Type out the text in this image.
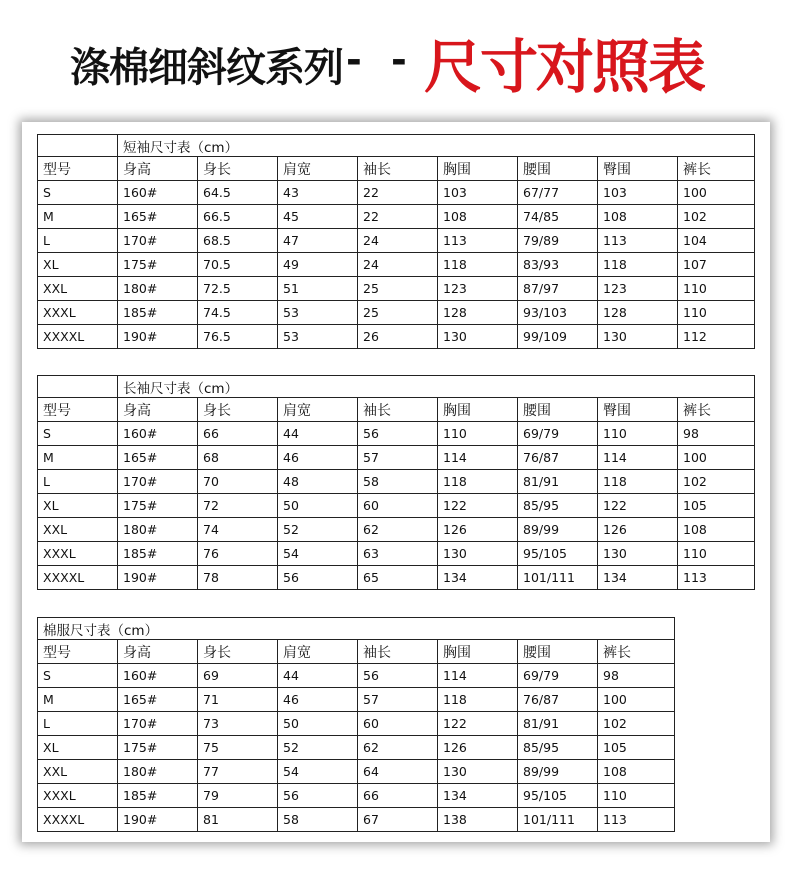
涤棉细斜纹系列 - - 尺寸对照表
	短袖尺寸表（cm）							
型号	身高	身长	肩宽	袖长	胸围	腰围	臀围	裤长
S	160#	64.5	43	22	103	67/77	103	100
M	165#	66.5	45	22	108	74/85	108	102
L	170#	68.5	47	24	113	79/89	113	104
XL	175#	70.5	49	24	118	83/93	118	107
XXL	180#	72.5	51	25	123	87/97	123	110
XXXL	185#	74.5	53	25	128	93/103	128	110
XXXXL	190#	76.5	53	26	130	99/109	130	112
	长袖尺寸表（cm）							
型号	身高	身长	肩宽	袖长	胸围	腰围	臀围	裤长
S	160#	66	44	56	110	69/79	110	98
M	165#	68	46	57	114	76/87	114	100
L	170#	70	48	58	118	81/91	118	102
XL	175#	72	50	60	122	85/95	122	105
XXL	180#	74	52	62	126	89/99	126	108
XXXL	185#	76	54	63	130	95/105	130	110
XXXXL	190#	78	56	65	134	101/111	134	113
棉服尺寸表（cm）							
型号	身高	身长	肩宽	袖长	胸围	腰围	裤长
S	160#	69	44	56	114	69/79	98
M	165#	71	46	57	118	76/87	100
L	170#	73	50	60	122	81/91	102
XL	175#	75	52	62	126	85/95	105
XXL	180#	77	54	64	130	89/99	108
XXXL	185#	79	56	66	134	95/105	110
XXXXL	190#	81	58	67	138	101/111	113
